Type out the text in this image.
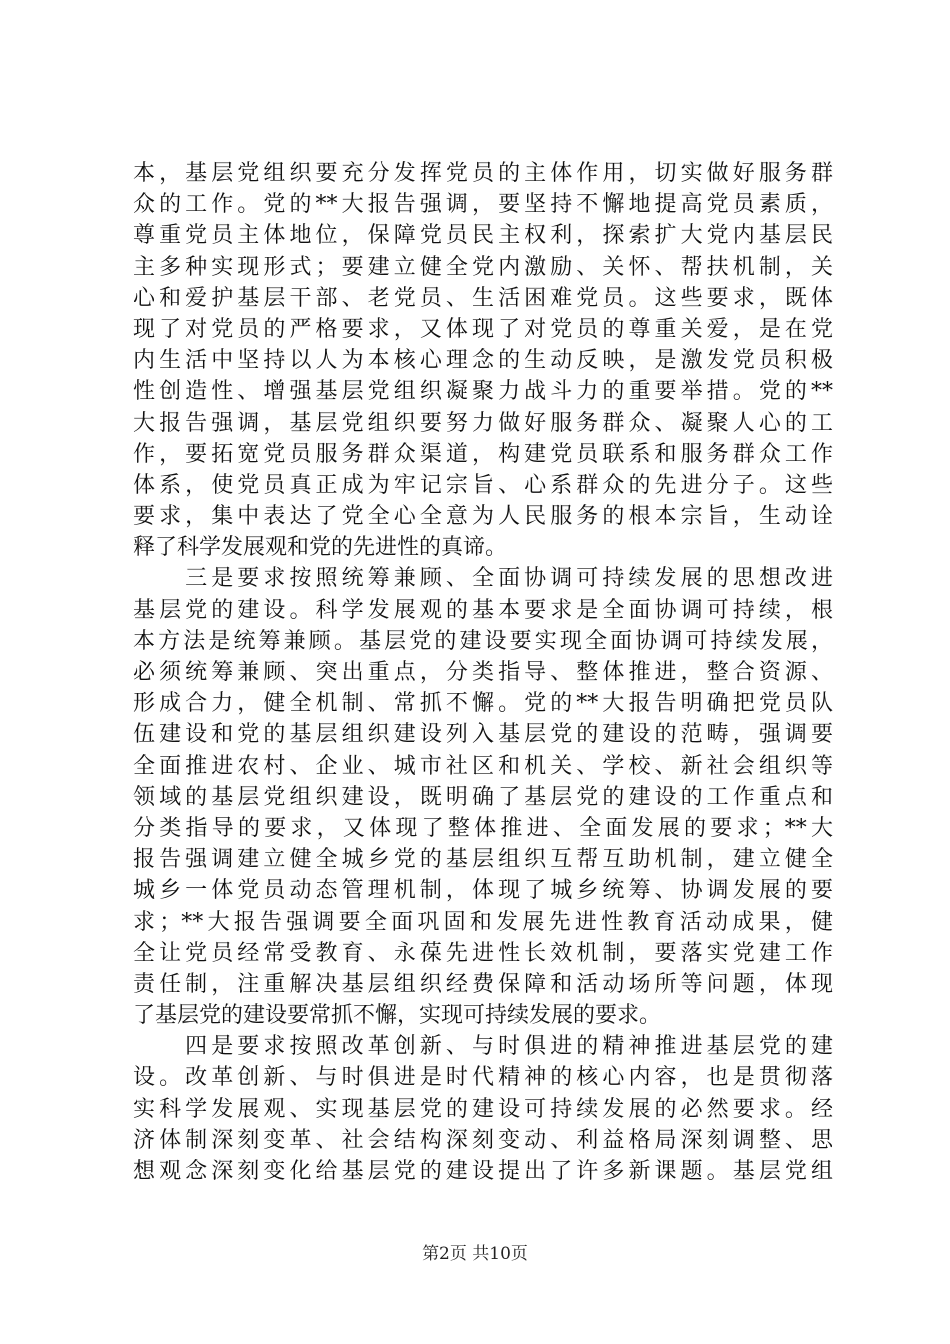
本，基层党组织要充分发挥党员的主体作用，切实做好服务群
众的工作。党的**大报告强调，要坚持不懈地提高党员素质，
尊重党员主体地位，保障党员民主权利，探索扩大党内基层民
主多种实现形式；要建立健全党内激励、关怀、帮扶机制，关
心和爱护基层干部、老党员、生活困难党员。这些要求，既体
现了对党员的严格要求，又体现了对党员的尊重关爱，是在党
内生活中坚持以人为本核心理念的生动反映，是激发党员积极
性创造性、增强基层党组织凝聚力战斗力的重要举措。党的**
大报告强调，基层党组织要努力做好服务群众、凝聚人心的工
作，要拓宽党员服务群众渠道，构建党员联系和服务群众工作
体系，使党员真正成为牢记宗旨、心系群众的先进分子。这些
要求，集中表达了党全心全意为人民服务的根本宗旨，生动诠
释了科学发展观和党的先进性的真谛。
　　三是要求按照统筹兼顾、全面协调可持续发展的思想改进
基层党的建设。科学发展观的基本要求是全面协调可持续，根
本方法是统筹兼顾。基层党的建设要实现全面协调可持续发展，
必须统筹兼顾、突出重点，分类指导、整体推进，整合资源、
形成合力，健全机制、常抓不懈。党的**大报告明确把党员队
伍建设和党的基层组织建设列入基层党的建设的范畴，强调要
全面推进农村、企业、城市社区和机关、学校、新社会组织等
领域的基层党组织建设，既明确了基层党的建设的工作重点和
分类指导的要求，又体现了整体推进、全面发展的要求；**大
报告强调建立健全城乡党的基层组织互帮互助机制，建立健全
城乡一体党员动态管理机制，体现了城乡统筹、协调发展的要
求；**大报告强调要全面巩固和发展先进性教育活动成果，健
全让党员经常受教育、永葆先进性长效机制，要落实党建工作
责任制，注重解决基层组织经费保障和活动场所等问题，体现
了基层党的建设要常抓不懈，实现可持续发展的要求。
　　四是要求按照改革创新、与时俱进的精神推进基层党的建
设。改革创新、与时俱进是时代精神的核心内容，也是贯彻落
实科学发展观、实现基层党的建设可持续发展的必然要求。经
济体制深刻变革、社会结构深刻变动、利益格局深刻调整、思
想观念深刻变化给基层党的建设提出了许多新课题。基层党组
第2页 共10页
